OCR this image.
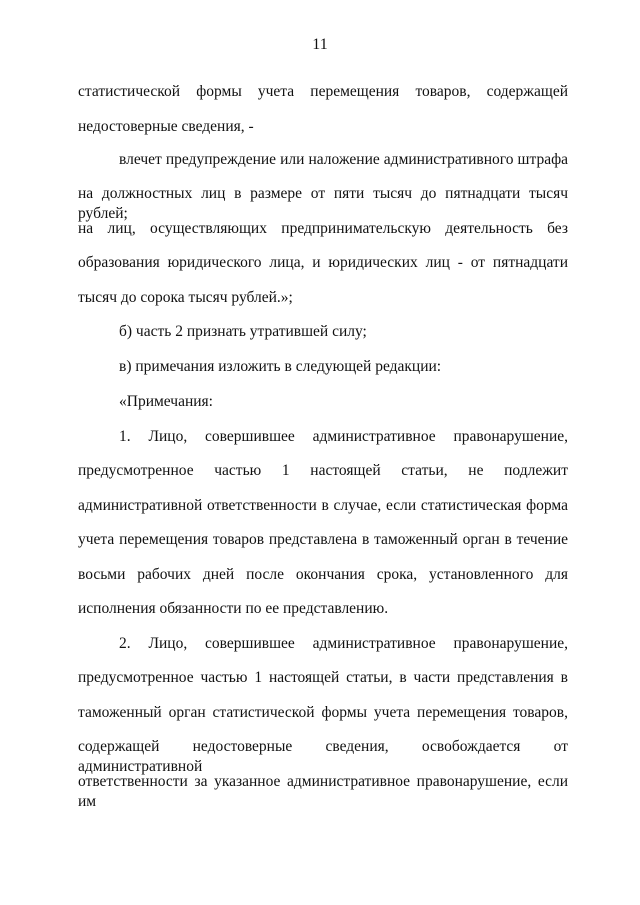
11
статистической формы учета перемещения товаров, содержащей
недостоверные сведения, -
влечет предупреждение или наложение административного штрафа
на должностных лиц в размере от пяти тысяч до пятнадцати тысяч рублей;
на лиц, осуществляющих предпринимательскую деятельность без
образования юридического лица, и юридических лиц - от пятнадцати
тысяч до сорока тысяч рублей.»;
б) часть 2 признать утратившей силу;
в) примечания изложить в следующей редакции:
«Примечания:
1. Лицо, совершившее административное правонарушение,
предусмотренное частью 1 настоящей статьи, не подлежит
административной ответственности в случае, если статистическая форма
учета перемещения товаров представлена в таможенный орган в течение
восьми рабочих дней после окончания срока, установленного для
исполнения обязанности по ее представлению.
2. Лицо, совершившее административное правонарушение,
предусмотренное частью 1 настоящей статьи, в части представления в
таможенный орган статистической формы учета перемещения товаров,
содержащей недостоверные сведения, освобождается от административной
ответственности за указанное административное правонарушение, если им
